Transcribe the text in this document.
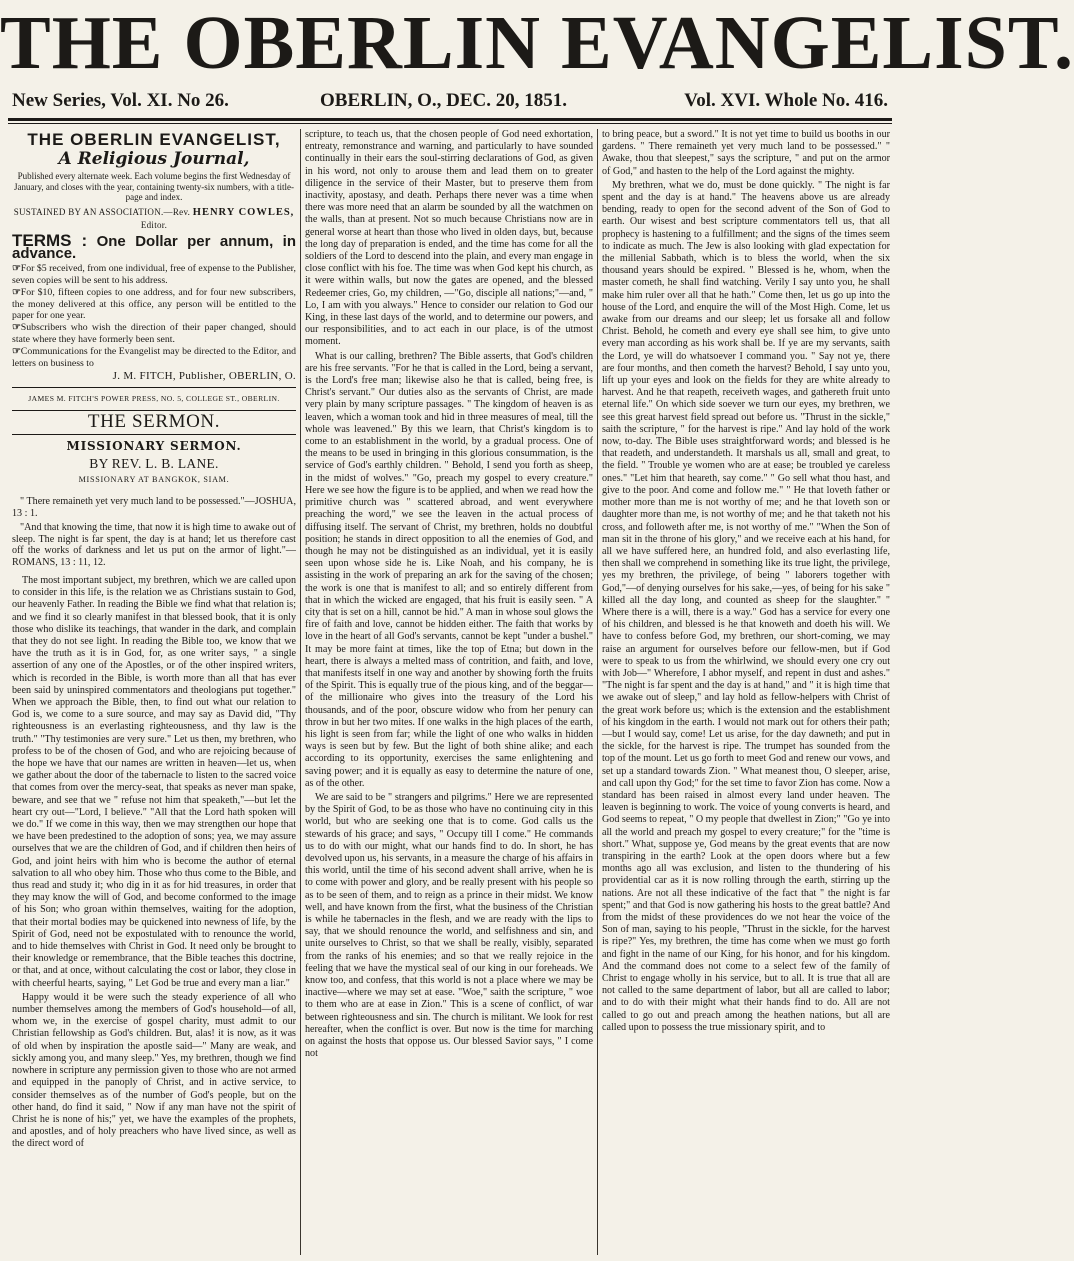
THE OBERLIN EVANGELIST.
New Series, Vol. XI. No 26.	OBERLIN, O., DEC. 20, 1851.	Vol. XVI. Whole No. 416.
THE OBERLIN EVANGELIST,
A Religious Journal,
Published every alternate week. Each volume begins the first Wednesday of January, and closes with the year, containing twenty-six numbers, with a title-page and index.
SUSTAINED BY AN ASSOCIATION.—Rev. HENRY COWLES, Editor.
TERMS : One Dollar per annum, in advance.
☞For $5 received, from one individual, free of expense to the Publisher, seven copies will be sent to his address.
☞For $10, fifteen copies to one address, and for four new subscribers, the money delivered at this office, any person will be entitled to the paper for one year.
☞Subscribers who wish the direction of their paper changed, should state where they have formerly been sent.
☞Communications for the Evangelist may be directed to the Editor, and letters on business to
J. M. FITCH, Publisher, OBERLIN, O.
JAMES M. FITCH'S POWER PRESS, NO. 5, COLLEGE ST., OBERLIN.
THE SERMON.
MISSIONARY SERMON.
BY REV. L. B. LANE.
MISSIONARY AT BANGKOK, SIAM.

" There remaineth yet very much land to be possessed."—JOSHUA, 13 : 1.

"And that knowing the time, that now it is high time to awake out of sleep. The night is far spent, the day is at hand; let us therefore cast off the works of darkness and let us put on the armor of light."—ROMANS, 13 : 11, 12.

The most important subject, my brethren, which we are called upon to consider in this life, is the relation we as Christians sustain to God, our heavenly Father. In reading the Bible we find what that relation is; and we find it so clearly manifest in that blessed book, that it is only those who dislike its teachings, that wander in the dark, and complain that they do not see light. In reading the Bible too, we know that we have the truth as it is in God, for, as one writer says, " a single assertion of any one of the Apostles, or of the other inspired writers, which is recorded in the Bible, is worth more than all that has ever been said by uninspired commentators and theologians put together." When we approach the Bible, then, to find out what our relation to God is, we come to a sure source, and may say as David did, "Thy righteousness is an everlasting righteousness, and thy law is the truth." "Thy testimonies are very sure." Let us then, my brethren, who profess to be of the chosen of God, and who are rejoicing because of the hope we have that our names are written in heaven—let us, when we gather about the door of the tabernacle to listen to the sacred voice that comes from over the mercy-seat, that speaks as never man spake, beware, and see that we " refuse not him that speaketh,"—but let the heart cry out—"Lord, I believe." "All that the Lord hath spoken will we do." If we come in this way, then we may strengthen our hope that we have been predestined to the adoption of sons; yea, we may assure ourselves that we are the children of God, and if children then heirs of God, and joint heirs with him who is become the author of eternal salvation to all who obey him. Those who thus come to the Bible, and thus read and study it; who dig in it as for hid treasures, in order that they may know the will of God, and become conformed to the image of his Son; who groan within themselves, waiting for the adoption, that their mortal bodies may be quickened into newness of life, by the Spirit of God, need not be expostulated with to renounce the world, and to hide themselves with Christ in God. It need only be brought to their knowledge or remembrance, that the Bible teaches this doctrine, or that, and at once, without calculating the cost or labor, they close in with cheerful hearts, saying, " Let God be true and every man a liar."

Happy would it be were such the steady experience of all who number themselves among the members of God's household—of all, whom we, in the exercise of gospel charity, must admit to our Christian fellowship as God's children. But, alas! it is now, as it was of old when by inspiration the apostle said—" Many are weak, and sickly among you, and many sleep." Yes, my brethren, though we find nowhere in scripture any permission given to those who are not armed and equipped in the panoply of Christ, and in active service, to consider themselves as of the number of God's people, but on the other hand, do find it said, " Now if any man have not the spirit of Christ he is none of his;" yet, we have the examples of the prophets, and apostles, and of holy preachers who have lived since, as well as the direct word of

scripture, to teach us, that the chosen people of God need exhortation, entreaty, remonstrance and warning, and particularly to have sounded continually in their ears the soul-stirring declarations of God, as given in his word, not only to arouse them and lead them on to greater diligence in the service of their Master, but to preserve them from inactivity, apostasy, and death. Perhaps there never was a time when there was more need that an alarm be sounded by all the watchmen on the walls, than at present. Not so much because Christians now are in general worse at heart than those who lived in olden days, but, because the long day of preparation is ended, and the time has come for all the soldiers of the Lord to descend into the plain, and every man engage in close conflict with his foe. The time was when God kept his church, as it were within walls, but now the gates are opened, and the blessed Redeemer cries, Go, my children, —"Go, disciple all nations;"—and, " Lo, I am with you always." Hence to consider our relation to God our King, in these last days of the world, and to determine our powers, and our responsibilities, and to act each in our place, is of the utmost moment.

What is our calling, brethren? The Bible asserts, that God's children are his free servants. "For he that is called in the Lord, being a servant, is the Lord's free man; likewise also he that is called, being free, is Christ's servant." Our duties also as the servants of Christ, are made very plain by many scripture passages. " The kingdom of heaven is as leaven, which a woman took and hid in three measures of meal, till the whole was leavened." By this we learn, that Christ's kingdom is to come to an establishment in the world, by a gradual process. One of the means to be used in bringing in this glorious consummation, is the service of God's earthly children. " Behold, I send you forth as sheep, in the midst of wolves." "Go, preach my gospel to every creature." Here we see how the figure is to be applied, and when we read how the primitive church was " scattered abroad, and went everywhere preaching the word," we see the leaven in the actual process of diffusing itself. The servant of Christ, my brethren, holds no doubtful position; he stands in direct opposition to all the enemies of God, and though he may not be distinguished as an individual, yet it is easily seen upon whose side he is. Like Noah, and his company, he is assisting in the work of preparing an ark for the saving of the chosen; the work is one that is manifest to all; and so entirely different from that in which the wicked are engaged, that his fruit is easily seen. " A city that is set on a hill, cannot be hid." A man in whose soul glows the fire of faith and love, cannot be hidden either. The faith that works by love in the heart of all God's servants, cannot be kept "under a bushel." It may be more faint at times, like the top of Etna; but down in the heart, there is always a melted mass of contrition, and faith, and love, that manifests itself in one way and another by showing forth the fruits of the Spirit. This is equally true of the pious king, and of the beggar—of the millionaire who gives into the treasury of the Lord his thousands, and of the poor, obscure widow who from her penury can throw in but her two mites. If one walks in the high places of the earth, his light is seen from far; while the light of one who walks in hidden ways is seen but by few. But the light of both shine alike; and each according to its opportunity, exercises the same enlightening and saving power; and it is equally as easy to determine the nature of one, as of the other.

We are said to be " strangers and pilgrims." Here we are represented by the Spirit of God, to be as those who have no continuing city in this world, but who are seeking one that is to come. God calls us the stewards of his grace; and says, " Occupy till I come." He commands us to do with our might, what our hands find to do. In short, he has devolved upon us, his servants, in a measure the charge of his affairs in this world, until the time of his second advent shall arrive, when he is to come with power and glory, and be really present with his people so as to be seen of them, and to reign as a prince in their midst. We know well, and have known from the first, what the business of the Christian is while he tabernacles in the flesh, and we are ready with the lips to say, that we should renounce the world, and selfishness and sin, and unite ourselves to Christ, so that we shall be really, visibly, separated from the ranks of his enemies; and so that we really rejoice in the feeling that we have the mystical seal of our king in our foreheads. We know too, and confess, that this world is not a place where we may be inactive—where we may set at ease. "Woe," saith the scripture, " woe to them who are at ease in Zion." This is a scene of conflict, of war between righteousness and sin. The church is militant. We look for rest hereafter, when the conflict is over. But now is the time for marching on against the hosts that oppose us. Our blessed Savior says, " I come not

to bring peace, but a sword." It is not yet time to build us booths in our gardens. " There remaineth yet very much land to be possessed." " Awake, thou that sleepest," says the scripture, " and put on the armor of God," and hasten to the help of the Lord against the mighty.

My brethren, what we do, must be done quickly. " The night is far spent and the day is at hand." The heavens above us are already bending, ready to open for the second advent of the Son of God to earth. Our wisest and best scripture commentators tell us, that all prophecy is hastening to a fulfillment; and the signs of the times seem to indicate as much. The Jew is also looking with glad expectation for the millenial Sabbath, which is to bless the world, when the six thousand years should be expired. " Blessed is he, whom, when the master cometh, he shall find watching. Verily I say unto you, he shall make him ruler over all that he hath." Come then, let us go up into the house of the Lord, and enquire the will of the Most High. Come, let us awake from our dreams and our sleep; let us forsake all and follow Christ. Behold, he cometh and every eye shall see him, to give unto every man according as his work shall be. If ye are my servants, saith the Lord, ye will do whatsoever I command you. " Say not ye, there are four months, and then cometh the harvest? Behold, I say unto you, lift up your eyes and look on the fields for they are white already to harvest. And he that reapeth, receiveth wages, and gathereth fruit unto eternal life." On which side soever we turn our eyes, my brethren, we see this great harvest field spread out before us. "Thrust in the sickle," saith the scripture, " for the harvest is ripe." And lay hold of the work now, to-day. The Bible uses straightforward words; and blessed is he that readeth, and understandeth. It marshals us all, small and great, to the field. " Trouble ye women who are at ease; be troubled ye careless ones." "Let him that heareth, say come." " Go sell what thou hast, and give to the poor. And come and follow me." " He that loveth father or mother more than me is not worthy of me; and he that loveth son or daughter more than me, is not worthy of me; and he that taketh not his cross, and followeth after me, is not worthy of me." "When the Son of man sit in the throne of his glory," and we receive each at his hand, for all we have suffered here, an hundred fold, and also everlasting life, then shall we comprehend in something like its true light, the privilege, yes my brethren, the privilege, of being " laborers together with God,"—of denying ourselves for his sake,—yes, of being for his sake " killed all the day long, and counted as sheep for the slaughter." " Where there is a will, there is a way." God has a service for every one of his children, and blessed is he that knoweth and doeth his will. We have to confess before God, my brethren, our short-coming, we may raise an argument for ourselves before our fellow-men, but if God were to speak to us from the whirlwind, we should every one cry out with Job—" Wherefore, I abhor myself, and repent in dust and ashes." "The night is far spent and the day is at hand," and " it is high time that we awake out of sleep," and lay hold as fellow-helpers with Christ of the great work before us; which is the extension and the establishment of his kingdom in the earth. I would not mark out for others their path;—but I would say, come! Let us arise, for the day dawneth; and put in the sickle, for the harvest is ripe. The trumpet has sounded from the top of the mount. Let us go forth to meet God and renew our vows, and set up a standard towards Zion. " What meanest thou, O sleeper, arise, and call upon thy God;" for the set time to favor Zion has come. Now a standard has been raised in almost every land under heaven. The leaven is beginning to work. The voice of young converts is heard, and God seems to repeat, " O my people that dwellest in Zion;" "Go ye into all the world and preach my gospel to every creature;" for the "time is short." What, suppose ye, God means by the great events that are now transpiring in the earth? Look at the open doors where but a few months ago all was exclusion, and listen to the thundering of his providential car as it is now rolling through the earth, stirring up the nations. Are not all these indicative of the fact that " the night is far spent;" and that God is now gathering his hosts to the great battle? And from the midst of these providences do we not hear the voice of the Son of man, saying to his people, "Thrust in the sickle, for the harvest is ripe?" Yes, my brethren, the time has come when we must go forth and fight in the name of our King, for his honor, and for his kingdom. And the command does not come to a select few of the family of Christ to engage wholly in his service, but to all. It is true that all are not called to the same department of labor, but all are called to labor; and to do with their might what their hands find to do. All are not called to go out and preach among the heathen nations, but all are called upon to possess the true missionary spirit, and to
